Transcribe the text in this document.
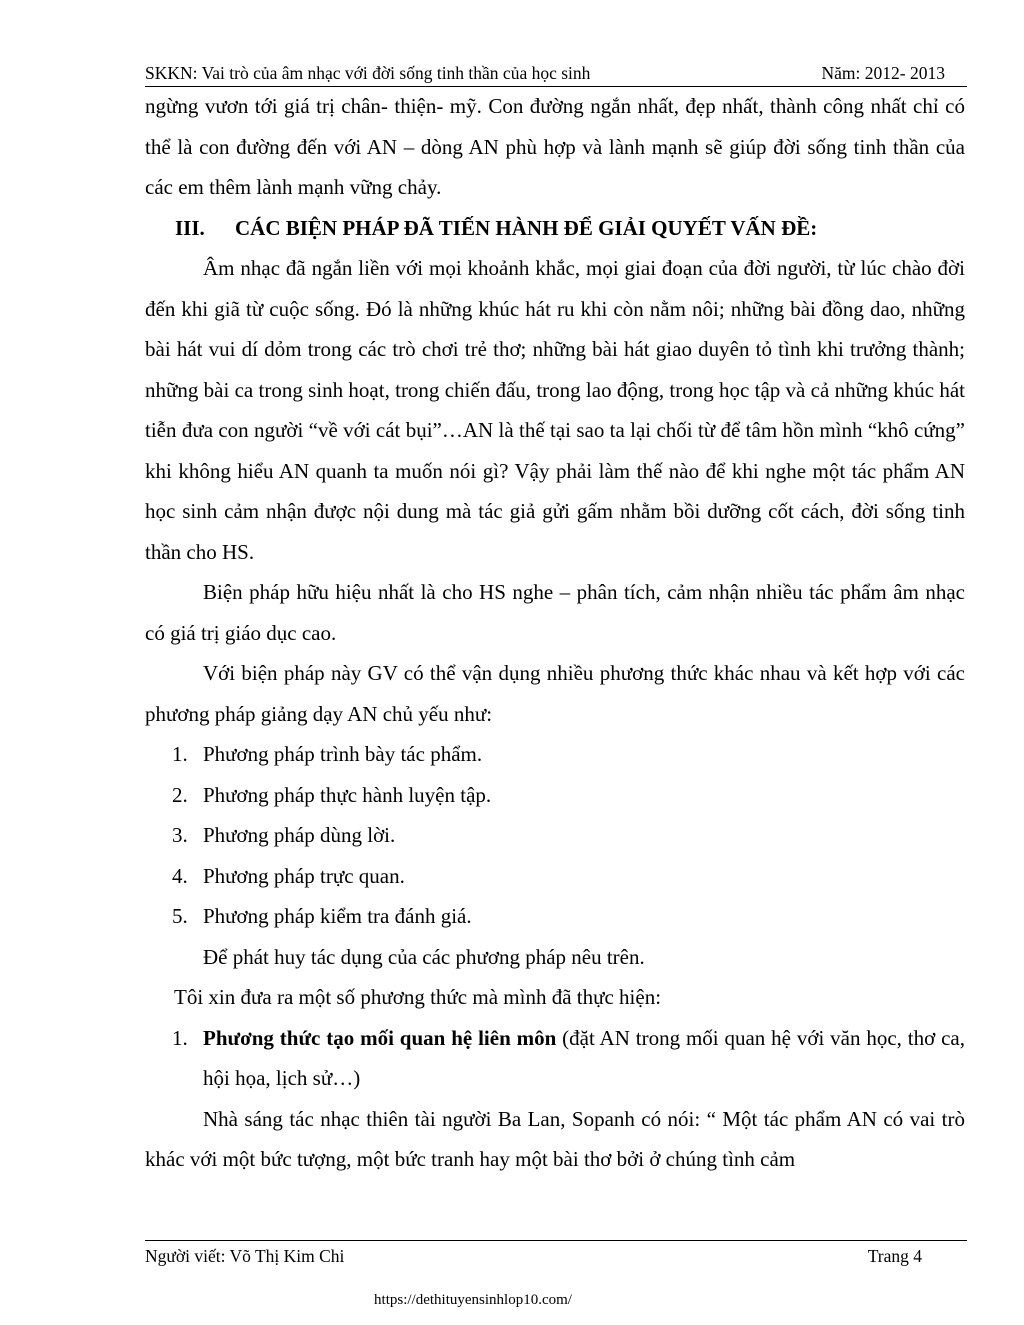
SKKN: Vai trò của âm nhạc với đời sống tinh thần của học sinh	Năm: 2012- 2013

ngừng vươn tới giá trị chân- thiện- mỹ. Con đường ngắn nhất, đẹp nhất, thành công nhất chỉ có thể là con đường đến với AN – dòng AN phù hợp và lành mạnh sẽ giúp đời sống tinh thần của các em thêm lành mạnh vững chảy.

III. CÁC BIỆN PHÁP ĐÃ TIẾN HÀNH ĐỂ GIẢI QUYẾT VẤN ĐỀ:

Âm nhạc đã ngắn liền với mọi khoảnh khắc, mọi giai đoạn của đời người, từ lúc chào đời đến khi giã từ cuộc sống. Đó là những khúc hát ru khi còn nằm nôi; những bài đồng dao, những bài hát vui dí dỏm trong các trò chơi trẻ thơ; những bài hát giao duyên tỏ tình khi trưởng thành; những bài ca trong sinh hoạt, trong chiến đấu, trong lao động, trong học tập và cả những khúc hát tiễn đưa con người “về với cát bụi”…AN là thế tại sao ta lại chối từ để tâm hồn mình “khô cứng” khi không hiểu AN quanh ta muốn nói gì? Vậy phải làm thế nào để khi nghe một tác phẩm AN học sinh cảm nhận được nội dung mà tác giả gửi gấm nhằm bồi dưỡng cốt cách, đời sống tinh thần cho HS.

Biện pháp hữu hiệu nhất là cho HS nghe – phân tích, cảm nhận nhiều tác phẩm âm nhạc có giá trị giáo dục cao.

Với biện pháp này GV có thể vận dụng nhiều phương thức khác nhau và kết hợp với các phương pháp giảng dạy AN chủ yếu như:

1. Phương pháp trình bày tác phẩm.
2. Phương pháp thực hành luyện tập.
3. Phương pháp dùng lời.
4. Phương pháp trực quan.
5. Phương pháp kiểm tra đánh giá.

Để phát huy tác dụng của các phương pháp nêu trên.

Tôi xin đưa ra một số phương thức mà mình đã thực hiện:

1. Phương thức tạo mối quan hệ liên môn (đặt AN trong mối quan hệ với văn học, thơ ca, hội họa, lịch sử…)

Nhà sáng tác nhạc thiên tài người Ba Lan, Sopanh có nói: “ Một tác phẩm AN có vai trò khác với một bức tượng, một bức tranh hay một bài thơ bởi ở chúng tình cảm

Người viết: Võ Thị Kim Chi	Trang 4
https://dethituyensinhlop10.com/
